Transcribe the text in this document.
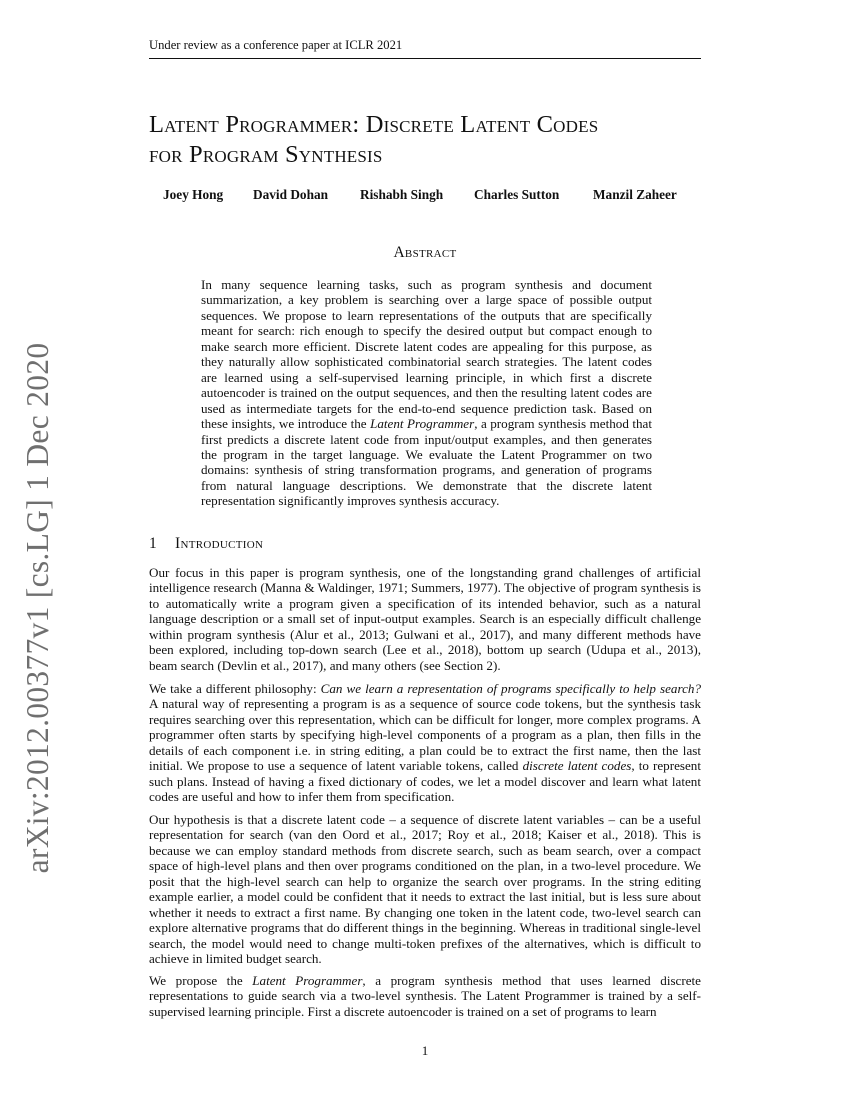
Under review as a conference paper at ICLR 2021
Latent Programmer: Discrete Latent Codes
for Program Synthesis
Joey Hong David Dohan Rishabh Singh Charles Sutton	Manzil Zaheer
Abstract
In many sequence learning tasks, such as program synthesis and document summarization, a key problem is searching over a large space of possible output sequences. We propose to learn representations of the outputs that are specifically meant for search: rich enough to specify the desired output but compact enough to make search more efficient. Discrete latent codes are appealing for this purpose, as they naturally allow sophisticated combinatorial search strategies. The latent codes are learned using a self-supervised learning principle, in which first a discrete autoencoder is trained on the output sequences, and then the resulting latent codes are used as intermediate targets for the end-to-end sequence prediction task. Based on these insights, we introduce the Latent Programmer, a program synthesis method that first predicts a discrete latent code from input/output examples, and then generates the program in the target language. We evaluate the Latent Programmer on two domains: synthesis of string transformation programs, and generation of programs from natural language descriptions. We demonstrate that the discrete latent representation significantly improves synthesis accuracy.
1 Introduction

Our focus in this paper is program synthesis, one of the longstanding grand challenges of artificial intelligence research (Manna & Waldinger, 1971; Summers, 1977). The objective of program synthesis is to automatically write a program given a specification of its intended behavior, such as a natural language description or a small set of input-output examples. Search is an especially difficult challenge within program synthesis (Alur et al., 2013; Gulwani et al., 2017), and many different methods have been explored, including top-down search (Lee et al., 2018), bottom up search (Udupa et al., 2013), beam search (Devlin et al., 2017), and many others (see Section 2).

We take a different philosophy: Can we learn a representation of programs specifically to help search? A natural way of representing a program is as a sequence of source code tokens, but the synthesis task requires searching over this representation, which can be difficult for longer, more complex programs. A programmer often starts by specifying high-level components of a program as a plan, then fills in the details of each component i.e. in string editing, a plan could be to extract the first name, then the last initial. We propose to use a sequence of latent variable tokens, called discrete latent codes, to represent such plans. Instead of having a fixed dictionary of codes, we let a model discover and learn what latent codes are useful and how to infer them from specification.

Our hypothesis is that a discrete latent code – a sequence of discrete latent variables – can be a useful representation for search (van den Oord et al., 2017; Roy et al., 2018; Kaiser et al., 2018). This is because we can employ standard methods from discrete search, such as beam search, over a compact space of high-level plans and then over programs conditioned on the plan, in a two-level procedure. We posit that the high-level search can help to organize the search over programs. In the string editing example earlier, a model could be confident that it needs to extract the last initial, but is less sure about whether it needs to extract a first name. By changing one token in the latent code, two-level search can explore alternative programs that do different things in the beginning. Whereas in traditional single-level search, the model would need to change multi-token prefixes of the alternatives, which is difficult to achieve in limited budget search.

We propose the Latent Programmer, a program synthesis method that uses learned discrete representations to guide search via a two-level synthesis. The Latent Programmer is trained by a self-supervised learning principle. First a discrete autoencoder is trained on a set of programs to learn

1
arXiv:2012.00377v1 [cs.LG] 1 Dec 2020
